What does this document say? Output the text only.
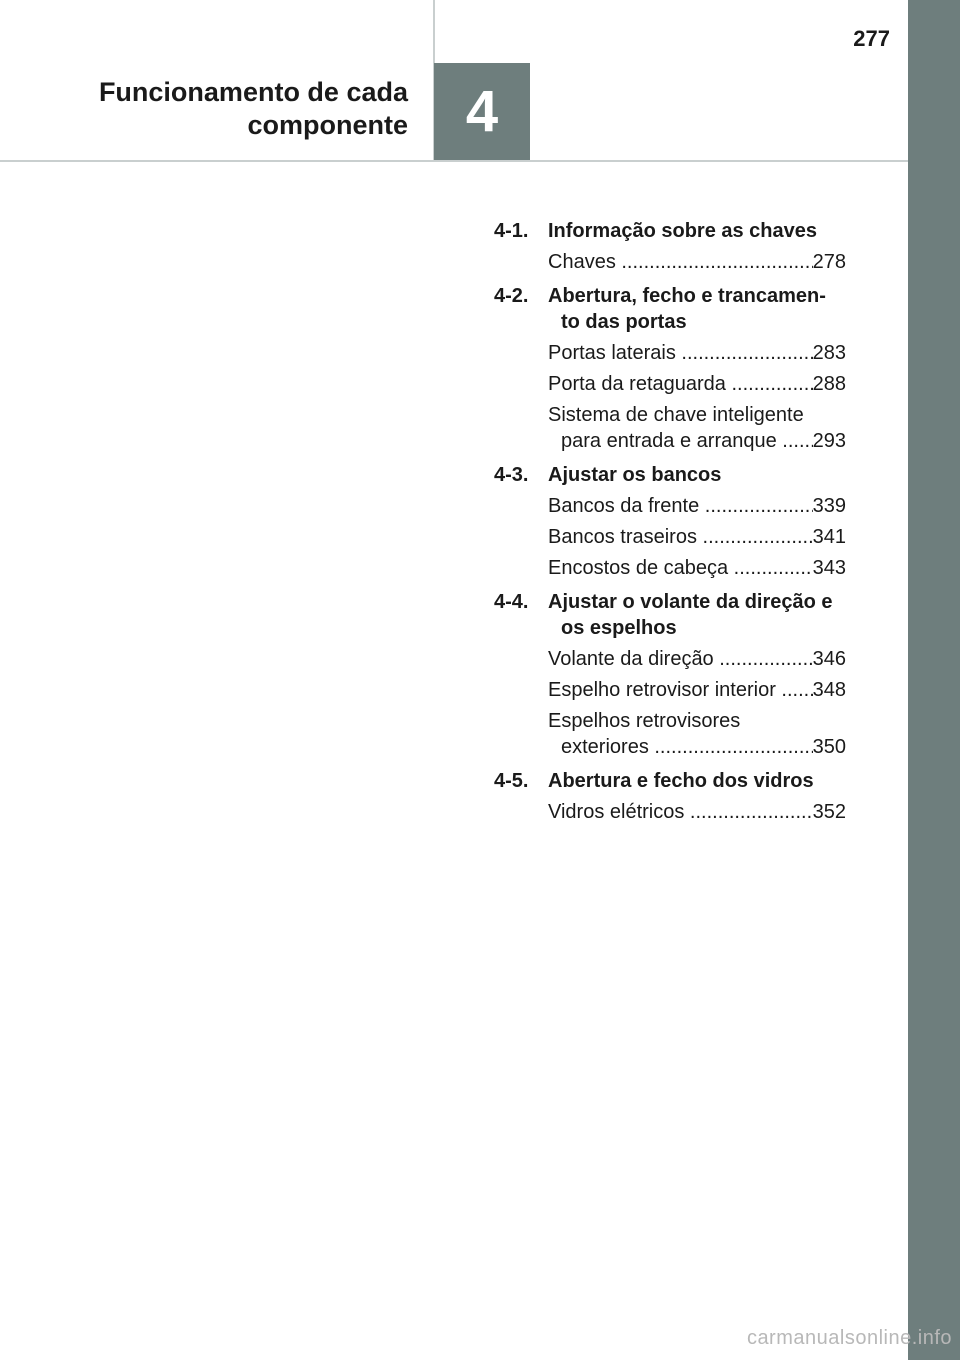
277
Funcionamento de cada
componente 4
4-1. Informação sobre as chaves
Chaves .....	278
4-2. Abertura, fecho e trancamen-
to das portas
Portas laterais .....	283
Porta da retaguarda .....	288
Sistema de chave inteligente
para entrada e arranque .....	293
4-3. Ajustar os bancos
Bancos da frente .....	339
Bancos traseiros .....	341
Encostos de cabeça .....	343
4-4. Ajustar o volante da direção e
os espelhos
Volante da direção .....	346
Espelho retrovisor interior .....	348
Espelhos retrovisores
exteriores .....	350
4-5. Abertura e fecho dos vidros
Vidros elétricos .....	352
carmanualsonline.info
